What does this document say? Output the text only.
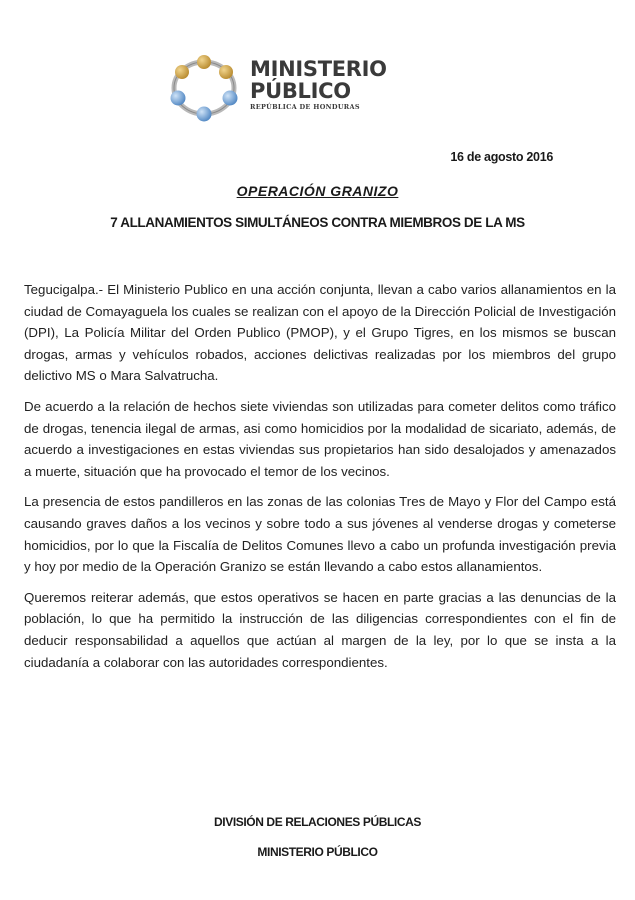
MINISTERIO
PÚBLICO
REPÚBLICA DE HONDURAS
16 de agosto 2016
OPERACIÓN GRANIZO
7 ALLANAMIENTOS SIMULTÁNEOS CONTRA MIEMBROS DE LA MS

Tegucigalpa.- El Ministerio Publico en una acción conjunta, llevan a cabo varios allanamientos en la ciudad de Comayaguela los cuales se realizan con el apoyo de la Dirección Policial de Investigación (DPI), La Policía Militar del Orden Publico (PMOP), y el Grupo Tigres, en los mismos se buscan drogas, armas y vehículos robados, acciones delictivas realizadas por los miembros del grupo delictivo MS o Mara Salvatrucha.

De acuerdo a la relación de hechos siete viviendas son utilizadas para cometer delitos como tráfico de drogas, tenencia ilegal de armas, asi como homicidios por la modalidad de sicariato, además, de acuerdo a investigaciones en estas viviendas sus propietarios han sido desalojados y amenazados a muerte, situación que ha provocado el temor de los vecinos.

La presencia de estos pandilleros en las zonas de las colonias Tres de Mayo y Flor del Campo está causando graves daños a los vecinos y sobre todo a sus jóvenes al venderse drogas y cometerse homicidios, por lo que la Fiscalía de Delitos Comunes llevo a cabo un profunda investigación previa y hoy por medio de la Operación Granizo se están llevando a cabo estos allanamientos.

Queremos reiterar además, que estos operativos se hacen en parte gracias a las denuncias de la población, lo que ha permitido la instrucción de las diligencias correspondientes con el fin de deducir responsabilidad a aquellos que actúan al margen de la ley, por lo que se insta a la ciudadanía a colaborar con las autoridades correspondientes.

DIVISIÓN DE RELACIONES PÚBLICAS
MINISTERIO PÚBLICO
